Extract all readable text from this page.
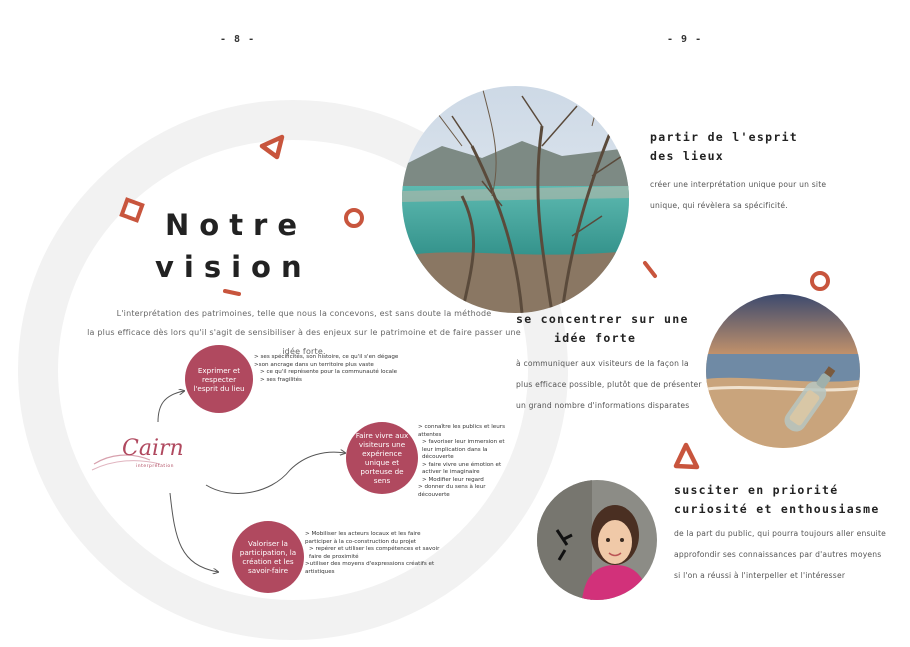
- 8 -	- 9 -
Notre
vision
L'interprétation des patrimoines, telle que nous la concevons, est sans doute la méthode
la plus efficace dès lors qu'il s'agit de sensibiliser à des enjeux sur le patrimoine et de faire passer une idée forte.
Cairn
interprétation
Exprimer et respecter l'esprit du lieu
> ses spécificités, son histoire, ce qu'il s'en dégage
>son ancrage dans un territoire plus vaste
> ce qu'il représente pour la communauté locale
> ses fragilités
Faire vivre aux visiteurs une expérience unique et porteuse de sens
> connaître les publics et leurs attentes
> favoriser leur immersion et leur implication dans la découverte
> faire vivre une émotion et activer le imaginaire
> Modifier leur regard
> donner du sens à leur découverte
Valoriser la participation, la création et les savoir-faire
> Mobiliser les acteurs locaux et les faire participer à la co-construction du projet
> repérer et utiliser les compétences et savoir faire de proximité
>utiliser des moyens d'expressions créatifs et artistiques
partir de l'esprit
des lieux
créer une interprétation unique pour un site
unique, qui révèlera sa spécificité.
se concentrer sur une
idée forte
à communiquer aux visiteurs de la façon la
plus efficace possible, plutôt que de présenter
un grand nombre d'informations disparates
susciter en priorité
curiosité et enthousiasme
de la part du public, qui pourra toujours aller ensuite
approfondir ses connaissances par d'autres moyens
si l'on a réussi à l'interpeller et l'intéresser
